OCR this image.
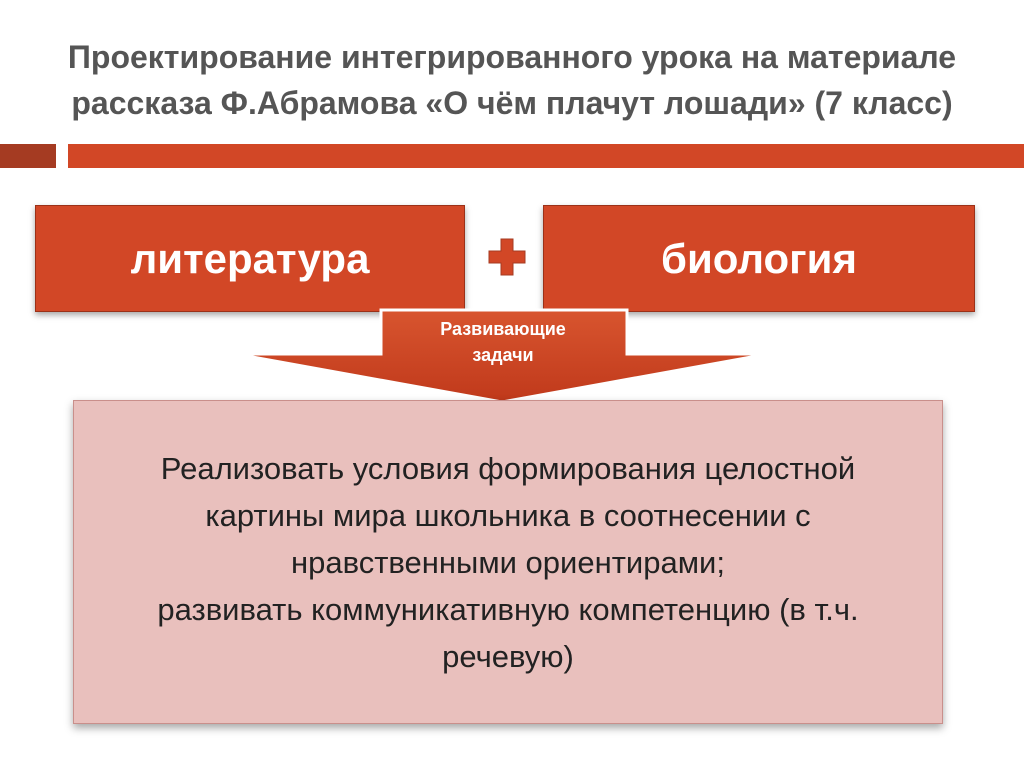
Проектирование интегрированного урока на материале
рассказа Ф.Абрамова «О чём плачут лошади» (7 класс)
литература	биология
Развивающие
задачи
Реализовать условия формирования целостной
картины мира школьника в соотнесении с
нравственными ориентирами;
развивать коммуникативную компетенцию (в т.ч.
речевую)
